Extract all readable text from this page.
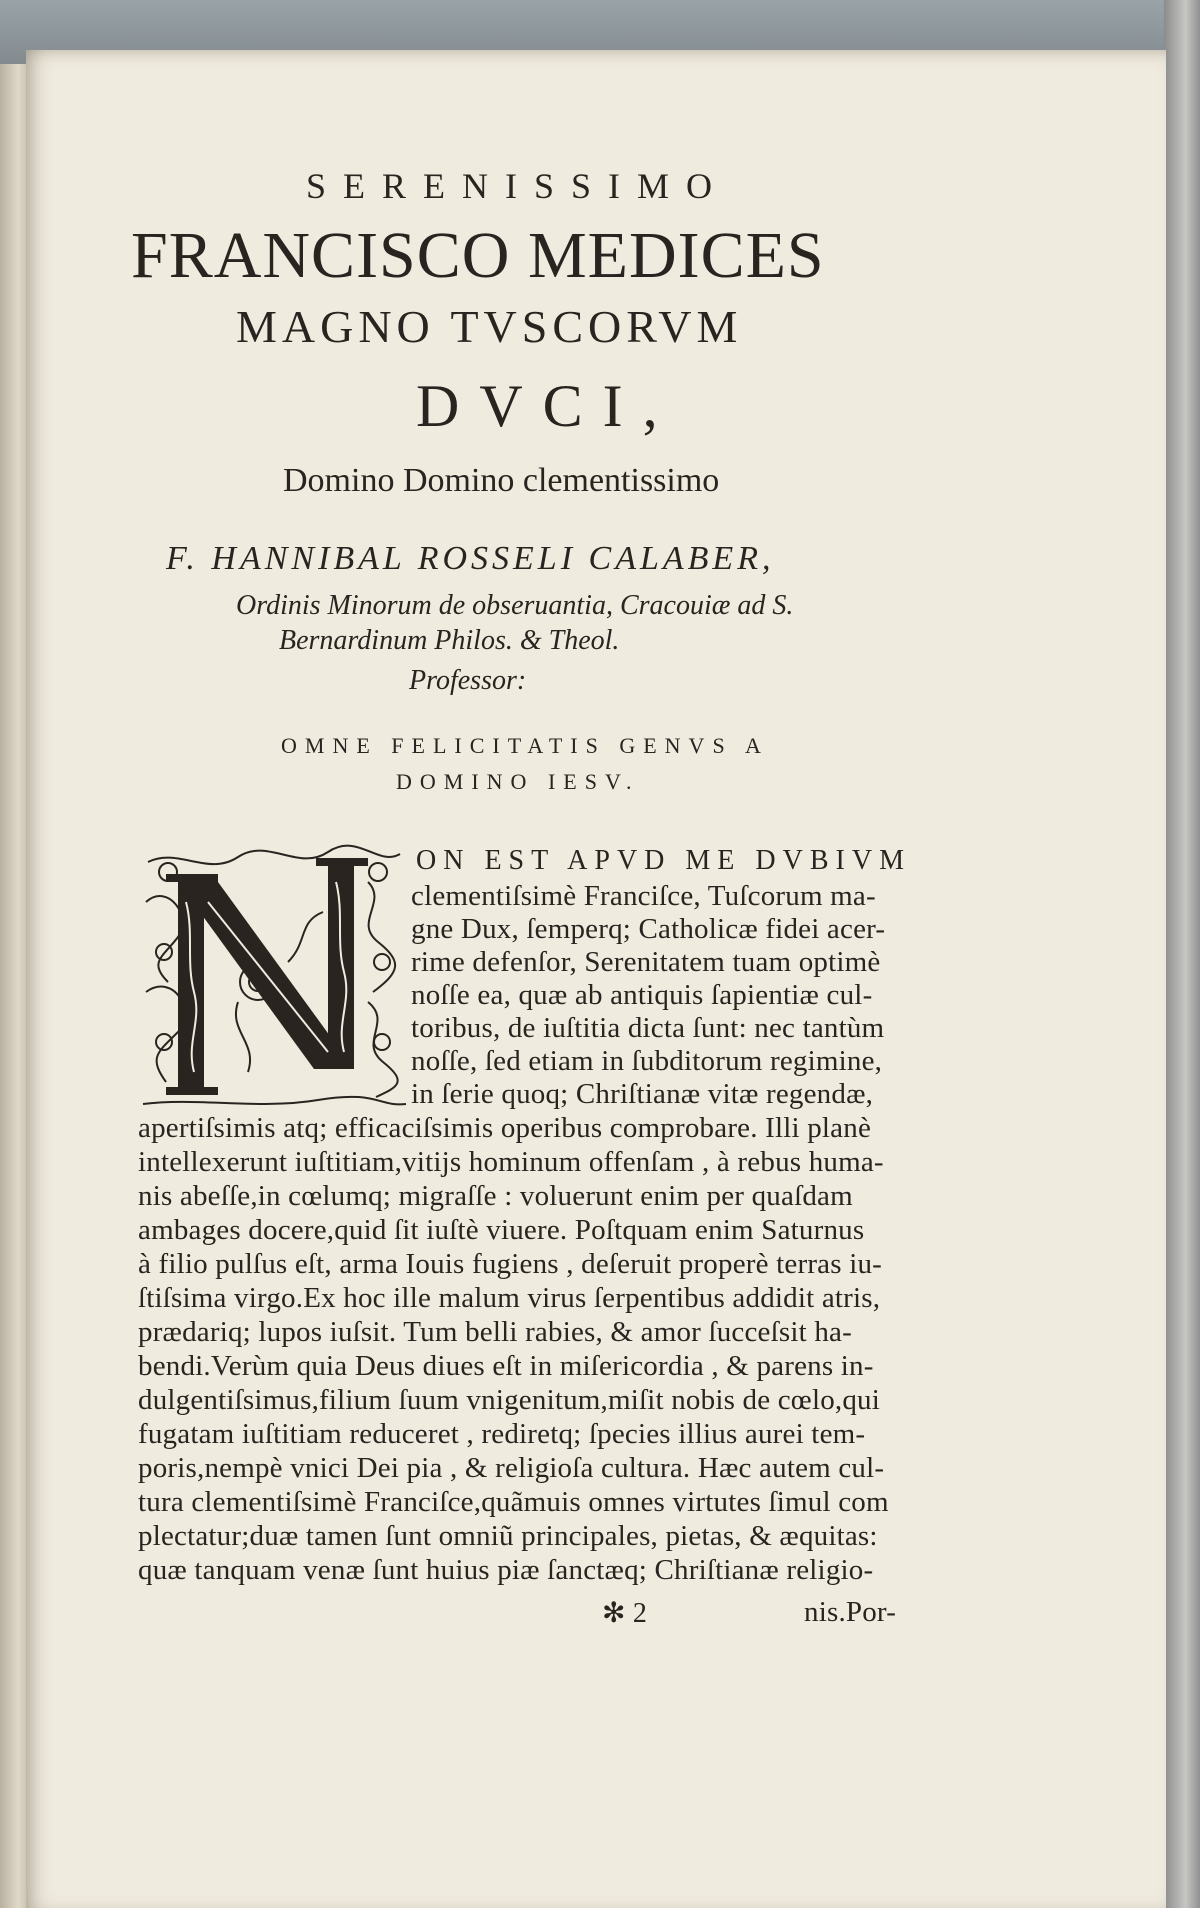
SERENISSIMO
FRANCISCO MEDICES
MAGNO TVSCORVM
DVCI,
Domino Domino clementissimo
F. HANNIBAL ROSSELI CALABER,
Ordinis Minorum de obseruantia, Cracouiæ ad S.
Bernardinum Philos. & Theol.
Professor:
OMNE FELICITATIS GENVS A
DOMINO IESV.
ON EST APVD ME DVBIVM
clementiſsimè Franciſce, Tuſcorum ma-
gne Dux, ſemperq; Catholicæ fidei acer-
rime defenſor, Serenitatem tuam optimè
noſſe ea, quæ ab antiquis ſapientiæ cul-
toribus, de iuſtitia dicta ſunt: nec tantùm
noſſe, ſed etiam in ſubditorum regimine,
in ſerie quoq; Chriſtianæ vitæ regendæ,
apertiſsimis atq; efficaciſsimis operibus comprobare. Illi planè
intellexerunt iuſtitiam,vitijs hominum offenſam , à rebus huma-
nis abeſſe,in cœlumq; migraſſe : voluerunt enim per quaſdam
ambages docere,quid ſit iuſtè viuere. Poſtquam enim Saturnus
à filio pulſus eſt, arma Iouis fugiens , deſeruit properè terras iu-
ſtiſsima virgo.Ex hoc ille malum virus ſerpentibus addidit atris,
prædariq; lupos iuſsit. Tum belli rabies, & amor ſucceſsit ha-
bendi.Verùm quia Deus diues eſt in miſericordia , & parens in-
dulgentiſsimus,filium ſuum vnigenitum,miſit nobis de cœlo,qui
fugatam iuſtitiam reduceret , rediretq; ſpecies illius aurei tem-
poris,nempè vnici Dei pia , & religioſa cultura. Hæc autem cul-
tura clementiſsimè Franciſce,quãmuis omnes virtutes ſimul com
plectatur;duæ tamen ſunt omniũ principales, pietas, & æquitas:
quæ tanquam venæ ſunt huius piæ ſanctæq; Chriſtianæ religio-
✻ 2	nis.Por-
